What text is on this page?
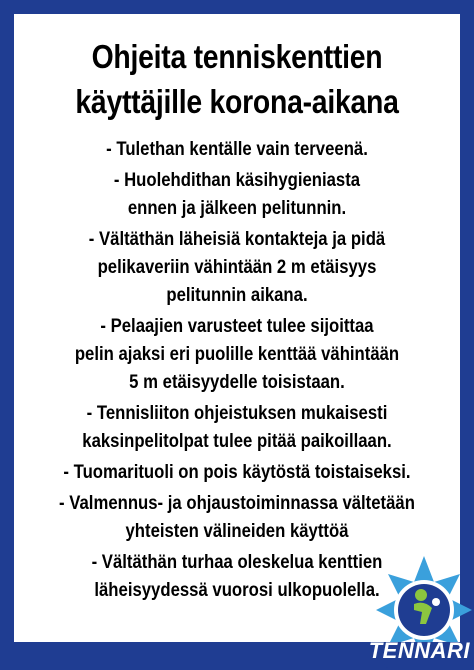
Ohjeita tenniskenttien
käyttäjille korona-aikana
- Tulethan kentälle vain terveenä.
- Huolehdithan käsihygieniasta
ennen ja jälkeen pelitunnin.
- Vältäthän läheisiä kontakteja ja pidä
pelikaveriin vähintään 2 m etäisyys
pelitunnin aikana.
- Pelaajien varusteet tulee sijoittaa
pelin ajaksi eri puolille kenttää vähintään
5 m etäisyydelle toisistaan.
- Tennisliiton ohjeistuksen mukaisesti
kaksinpelitolpat tulee pitää paikoillaan.
- Tuomarituoli on pois käytöstä toistaiseksi.
- Valmennus- ja ohjaustoiminnassa vältetään
yhteisten välineiden käyttöä
- Vältäthän turhaa oleskelua kenttien
läheisyydessä vuorosi ulkopuolella.
TENNARI
